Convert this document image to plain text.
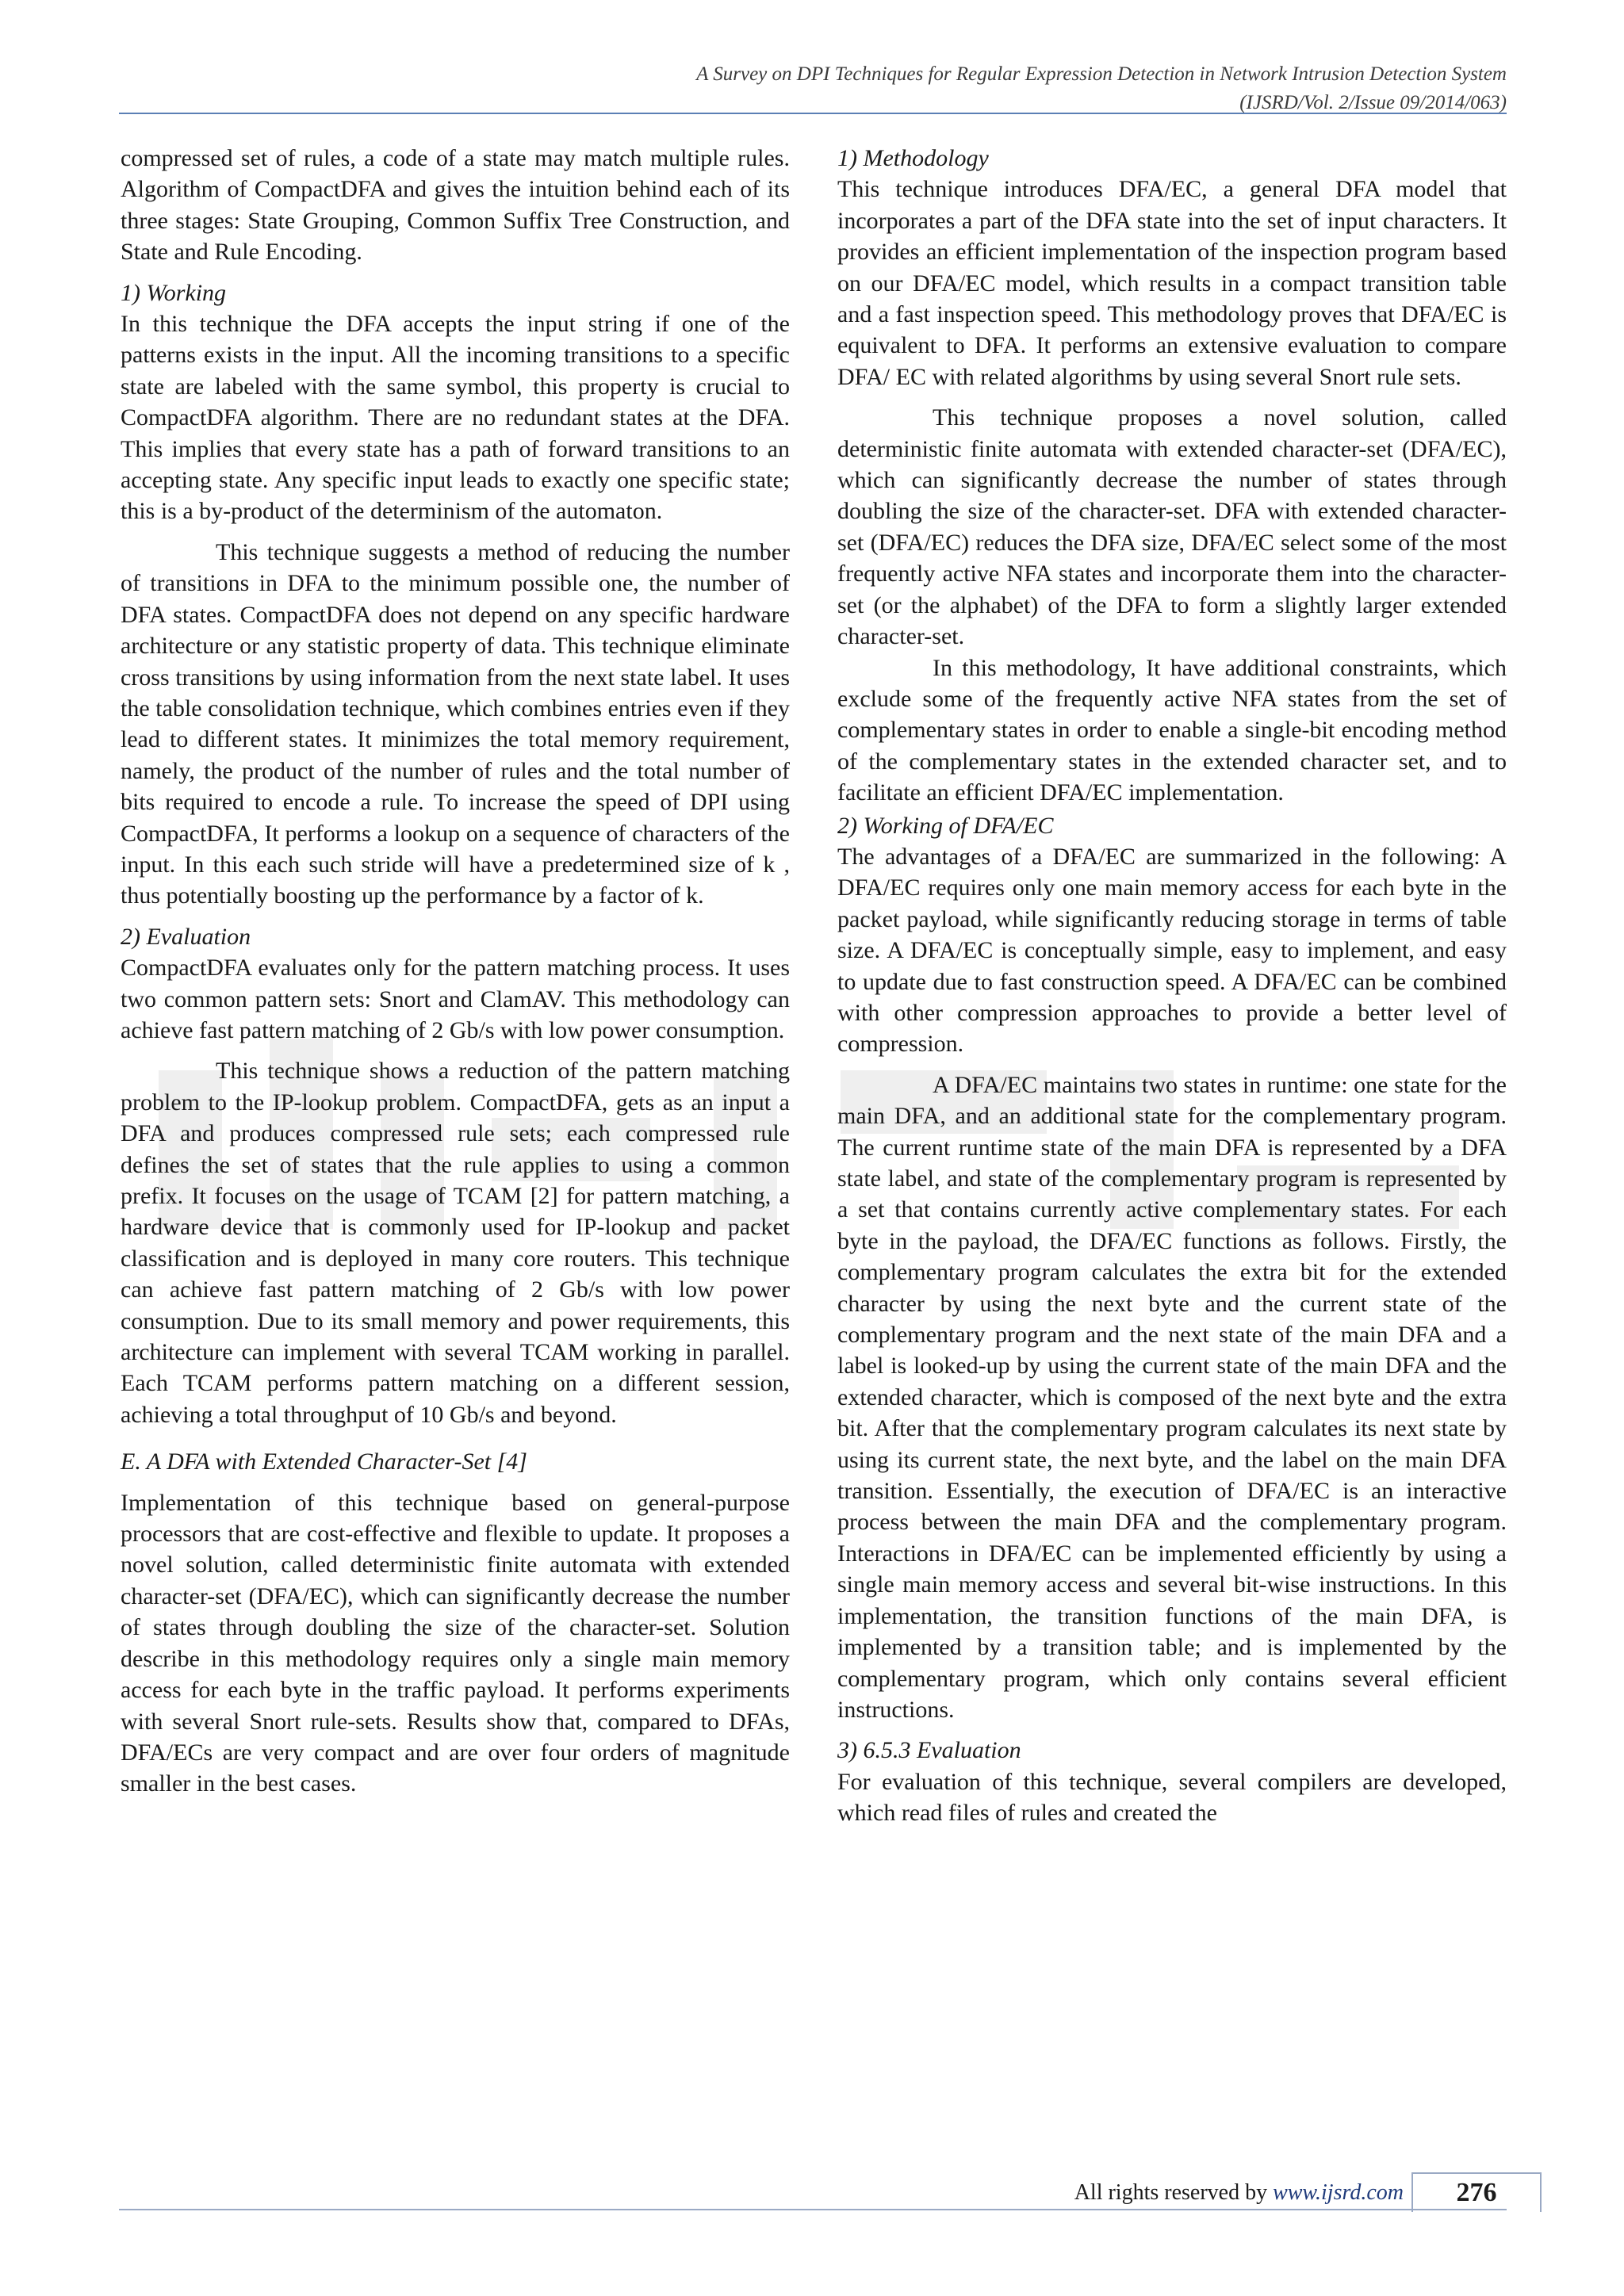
A Survey on DPI Techniques for Regular Expression Detection in Network Intrusion Detection System
(IJSRD/Vol. 2/Issue 09/2014/063)

compressed set of rules, a code of a state may match multiple rules. Algorithm of CompactDFA and gives the intuition behind each of its three stages: State Grouping, Common Suffix Tree Construction, and State and Rule Encoding.

1) Working

In this technique the DFA accepts the input string if one of the patterns exists in the input. All the incoming transitions to a specific state are labeled with the same symbol, this property is crucial to CompactDFA algorithm. There are no redundant states at the DFA. This implies that every state has a path of forward transitions to an accepting state. Any specific input leads to exactly one specific state; this is a by-product of the determinism of the automaton.

This technique suggests a method of reducing the number of transitions in DFA to the minimum possible one, the number of DFA states. CompactDFA does not depend on any specific hardware architecture or any statistic property of data. This technique eliminate cross transitions by using information from the next state label. It uses the table consolidation technique, which combines entries even if they lead to different states. It minimizes the total memory requirement, namely, the product of the number of rules and the total number of bits required to encode a rule. To increase the speed of DPI using CompactDFA, It performs a lookup on a sequence of characters of the input. In this each such stride will have a predetermined size of k , thus potentially boosting up the performance by a factor of k.

2) Evaluation

CompactDFA evaluates only for the pattern matching process. It uses two common pattern sets: Snort and ClamAV. This methodology can achieve fast pattern matching of 2 Gb/s with low power consumption.

This technique shows a reduction of the pattern matching problem to the IP-lookup problem. CompactDFA, gets as an input a DFA and produces compressed rule sets; each compressed rule defines the set of states that the rule applies to using a common prefix. It focuses on the usage of TCAM [2] for pattern matching, a hardware device that is commonly used for IP-lookup and packet classification and is deployed in many core routers. This technique can achieve fast pattern matching of 2 Gb/s with low power consumption. Due to its small memory and power requirements, this architecture can implement with several TCAM working in parallel. Each TCAM performs pattern matching on a different session, achieving a total throughput of 10 Gb/s and beyond.

E. A DFA with Extended Character-Set [4]

Implementation of this technique based on general-purpose processors that are cost-effective and flexible to update. It proposes a novel solution, called deterministic finite automata with extended character-set (DFA/EC), which can significantly decrease the number of states through doubling the size of the character-set. Solution describe in this methodology requires only a single main memory access for each byte in the traffic payload. It performs experiments with several Snort rule-sets. Results show that, compared to DFAs, DFA/ECs are very compact and are over four orders of magnitude smaller in the best cases.

1) Methodology

This technique introduces DFA/EC, a general DFA model that incorporates a part of the DFA state into the set of input characters. It provides an efficient implementation of the inspection program based on our DFA/EC model, which results in a compact transition table and a fast inspection speed. This methodology proves that DFA/EC is equivalent to DFA. It performs an extensive evaluation to compare DFA/ EC with related algorithms by using several Snort rule sets.

This technique proposes a novel solution, called deterministic finite automata with extended character-set (DFA/EC), which can significantly decrease the number of states through doubling the size of the character-set. DFA with extended character-set (DFA/EC) reduces the DFA size, DFA/EC select some of the most frequently active NFA states and incorporate them into the character-set (or the alphabet) of the DFA to form a slightly larger extended character-set.

In this methodology, It have additional constraints, which exclude some of the frequently active NFA states from the set of complementary states in order to enable a single-bit encoding method of the complementary states in the extended character set, and to facilitate an efficient DFA/EC implementation.

2) Working of DFA/EC

The advantages of a DFA/EC are summarized in the following: A DFA/EC requires only one main memory access for each byte in the packet payload, while significantly reducing storage in terms of table size. A DFA/EC is conceptually simple, easy to implement, and easy to update due to fast construction speed. A DFA/EC can be combined with other compression approaches to provide a better level of compression.

A DFA/EC maintains two states in runtime: one state for the main DFA, and an additional state for the complementary program. The current runtime state of the main DFA is represented by a DFA state label, and state of the complementary program is represented by a set that contains currently active complementary states. For each byte in the payload, the DFA/EC functions as follows. Firstly, the complementary program calculates the extra bit for the extended character by using the next byte and the current state of the complementary program and the next state of the main DFA and a label is looked-up by using the current state of the main DFA and the extended character, which is composed of the next byte and the extra bit. After that the complementary program calculates its next state by using its current state, the next byte, and the label on the main DFA transition. Essentially, the execution of DFA/EC is an interactive process between the main DFA and the complementary program. Interactions in DFA/EC can be implemented efficiently by using a single main memory access and several bit-wise instructions. In this implementation, the transition functions of the main DFA, is implemented by a transition table; and is implemented by the complementary program, which only contains several efficient instructions.

3) 6.5.3 Evaluation

For evaluation of this technique, several compilers are developed, which read files of rules and created the

All rights reserved by www.ijsrd.com	276
